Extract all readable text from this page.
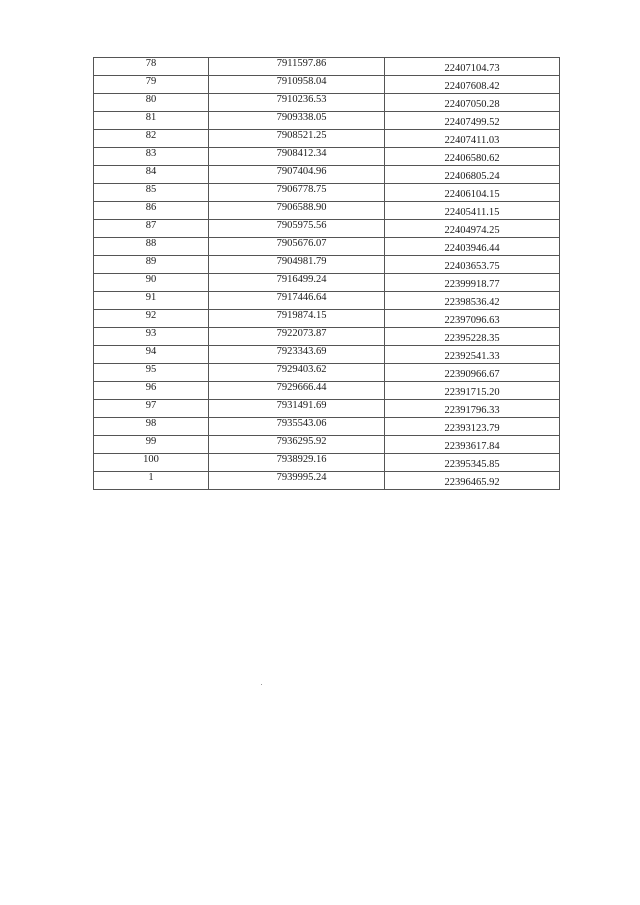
78	7911597.86	22407104.73
79	7910958.04	22407608.42
80	7910236.53	22407050.28
81	7909338.05	22407499.52
82	7908521.25	22407411.03
83	7908412.34	22406580.62
84	7907404.96	22406805.24
85	7906778.75	22406104.15
86	7906588.90	22405411.15
87	7905975.56	22404974.25
88	7905676.07	22403946.44
89	7904981.79	22403653.75
90	7916499.24	22399918.77
91	7917446.64	22398536.42
92	7919874.15	22397096.63
93	7922073.87	22395228.35
94	7923343.69	22392541.33
95	7929403.62	22390966.67
96	7929666.44	22391715.20
97	7931491.69	22391796.33
98	7935543.06	22393123.79
99	7936295.92	22393617.84
100	7938929.16	22395345.85
1	7939995.24	22396465.92
